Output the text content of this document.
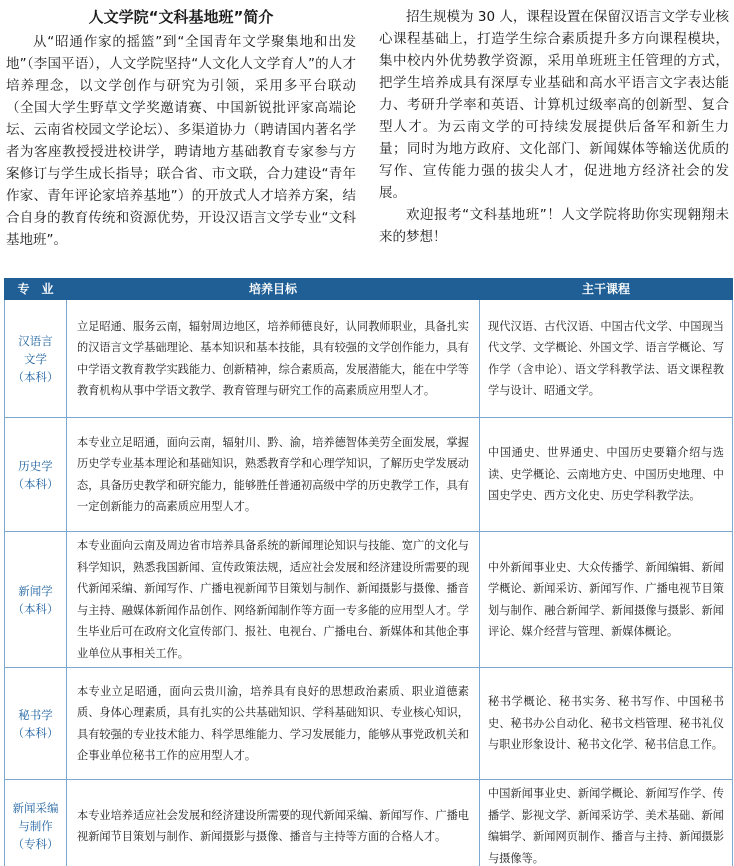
人文学院“文科基地班”简介

从“昭通作家的摇篮”到“全国青年文学聚集地和出发地”（李国平语），人文学院坚持“人文化人文学育人”的人才培养理念，以文学创作与研究为引领，采用多平台联动（全国大学生野草文学奖邀请赛、中国新锐批评家高端论坛、云南省校园文学论坛）、多渠道协力（聘请国内著名学者为客座教授授进校讲学，聘请地方基础教育专家参与方案修订与学生成长指导；联合省、市文联，合力建设“青年作家、青年评论家培养基地”）的开放式人才培养方案，结合自身的教育传统和资源优势，开设汉语言文学专业“文科基地班”。

招生规模为 30 人，课程设置在保留汉语言文学专业核心课程基础上，打造学生综合素质提升多方向课程模块，集中校内外优势教学资源，采用单班班主任管理的方式，把学生培养成具有深厚专业基础和高水平语言文字表达能力、考研升学率和英语、计算机过级率高的创新型、复合型人才。为云南文学的可持续发展提供后备军和新生力量；同时为地方政府、文化部门、新闻媒体等输送优质的写作、宣传能力强的拔尖人才，促进地方经济社会的发展。

欢迎报考“文科基地班”！人文学院将助你实现翱翔未来的梦想！

专　业	培养目标	主干课程

汉语言文学
（本科）	立足昭通、服务云南，辐射周边地区，培养师德良好，认同教师职业，具备扎实的汉语言文学基础理论、基本知识和基本技能，具有较强的文学创作能力，具有中学语文教育教学实践能力、创新精神，综合素质高，发展潜能大，能在中学等教育机构从事中学语文教学、教育管理与研究工作的高素质应用型人才。	现代汉语、古代汉语、中国古代文学、中国现当代文学、文学概论、外国文学、语言学概论、写作学（含申论）、语文学科教学法、语文课程教学与设计、昭通文学。

历史学
（本科）	本专业立足昭通，面向云南，辐射川、黔、渝，培养德智体美劳全面发展，掌握历史学专业基本理论和基础知识，熟悉教育学和心理学知识，了解历史学发展动态，具备历史教学和研究能力，能够胜任普通初高级中学的历史教学工作，具有一定创新能力的高素质应用型人才。	中国通史、世界通史、中国历史要籍介绍与选读、史学概论、云南地方史、中国历史地理、中国史学史、西方文化史、历史学科教学法。

新闻学
（本科）	本专业面向云南及周边省市培养具备系统的新闻理论知识与技能、宽广的文化与科学知识，熟悉我国新闻、宣传政策法规，适应社会发展和经济建设所需要的现代新闻采编、新闻写作、广播电视新闻节目策划与制作、新闻摄影与摄像、播音与主持、融媒体新闻作品创作、网络新闻制作等方面一专多能的应用型人才。学生毕业后可在政府文化宣传部门、报社、电视台、广播电台、新媒体和其他企事业单位从事相关工作。	中外新闻事业史、大众传播学、新闻编辑、新闻学概论、新闻采访、新闻写作、广播电视节目策划与制作、融合新闻学、新闻摄像与摄影、新闻评论、媒介经营与管理、新媒体概论。

秘书学
（本科）	本专业立足昭通，面向云贵川渝，培养具有良好的思想政治素质、职业道德素质、身体心理素质，具有扎实的公共基础知识、学科基础知识、专业核心知识，具有较强的专业技术能力、科学思维能力、学习发展能力，能够从事党政机关和企事业单位秘书工作的应用型人才。	秘书学概论、秘书实务、秘书写作、中国秘书史、秘书办公自动化、秘书文档管理、秘书礼仪与职业形象设计、秘书文化学、秘书信息工作。

新闻采编与制作
（专科）	本专业培养适应社会发展和经济建设所需要的现代新闻采编、新闻写作、广播电视新闻节目策划与制作、新闻摄影与摄像、播音与主持等方面的合格人才。	中国新闻事业史、新闻学概论、新闻写作学、传播学、影视文学、新闻采访学、美术基础、新闻编辑学、新闻网页制作、播音与主持、新闻摄影与摄像等。
